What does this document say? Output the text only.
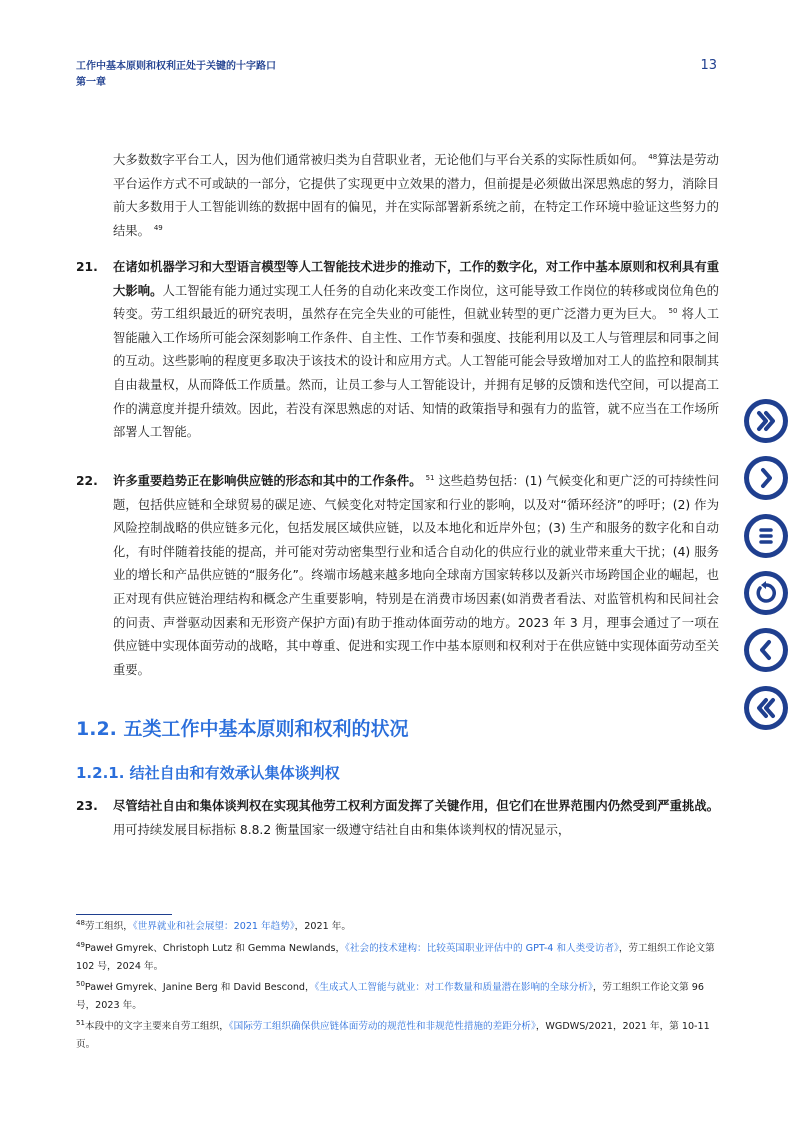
工作中基本原则和权利正处于关键的十字路口
第一章
13
大多数数字平台工人，因为他们通常被归类为自营职业者，无论他们与平台关系的实际性质如何。 $^{48}$算法是劳动平台运作方式不可或缺的一部分，它提供了实现更中立效果的潜力，但前提是必须做出深思熟虑的努力，消除目前大多数用于人工智能训练的数据中固有的偏见，并在实际部署新系统之前，在特定工作环境中验证这些努力的结果。 $^{49}$
21. 在诸如机器学习和大型语言模型等人工智能技术进步的推动下，工作的数字化，对工作中基本原则和权利具有重大影响。人工智能有能力通过实现工人任务的自动化来改变工作岗位，这可能导致工作岗位的转移或岗位角色的转变。劳工组织最近的研究表明，虽然存在完全失业的可能性，但就业转型的更广泛潜力更为巨大。 $^{50}$ 将人工智能融入工作场所可能会深刻影响工作条件、自主性、工作节奏和强度、技能利用以及工人与管理层和同事之间的互动。这些影响的程度更多取决于该技术的设计和应用方式。人工智能可能会导致增加对工人的监控和限制其自由裁量权，从而降低工作质量。然而，让员工参与人工智能设计，并拥有足够的反馈和迭代空间，可以提高工作的满意度并提升绩效。因此，若没有深思熟虑的对话、知情的政策指导和强有力的监管，就不应当在工作场所部署人工智能。
22. 许多重要趋势正在影响供应链的形态和其中的工作条件。 $^{51}$ 这些趋势包括：(1) 气候变化和更广泛的可持续性问题，包括供应链和全球贸易的碳足迹、气候变化对特定国家和行业的影响，以及对“循环经济”的呼吁；(2) 作为风险控制战略的供应链多元化，包括发展区域供应链，以及本地化和近岸外包；(3) 生产和服务的数字化和自动化，有时伴随着技能的提高，并可能对劳动密集型行业和适合自动化的供应行业的就业带来重大干扰；(4) 服务业的增长和产品供应链的“服务化”。终端市场越来越多地向全球南方国家转移以及新兴市场跨国企业的崛起，也正对现有供应链治理结构和概念产生重要影响，特别是在消费市场因素(如消费者看法、对监管机构和民间社会的问责、声誉驱动因素和无形资产保护方面)有助于推动体面劳动的地方。2023 年 3 月，理事会通过了一项在供应链中实现体面劳动的战略，其中尊重、促进和实现工作中基本原则和权利对于在供应链中实现体面劳动至关重要。
1.2. 五类工作中基本原则和权利的状况
1.2.1. 结社自由和有效承认集体谈判权
23. 尽管结社自由和集体谈判权在实现其他劳工权利方面发挥了关键作用，但它们在世界范围内仍然受到严重挑战。用可持续发展目标指标 8.8.2 衡量国家一级遵守结社自由和集体谈判权的情况显示，
$^{48}$劳工组织，《世界就业和社会展望：2021 年趋势》，2021 年。
$^{49}$Paweł Gmyrek、Christoph Lutz 和 Gemma Newlands，《社会的技术建构：比较英国职业评估中的 GPT-4 和人类受访者》，劳工组织工作论文第 102 号，2024 年。
$^{50}$Paweł Gmyrek、Janine Berg 和 David Bescond，《生成式人工智能与就业：对工作数量和质量潜在影响的全球分析》，劳工组织工作论文第 96 号，2023 年。
$^{51}$本段中的文字主要来自劳工组织，《国际劳工组织确保供应链体面劳动的规范性和非规范性措施的差距分析》，WGDWS/2021，2021 年，第 10-11 页。
